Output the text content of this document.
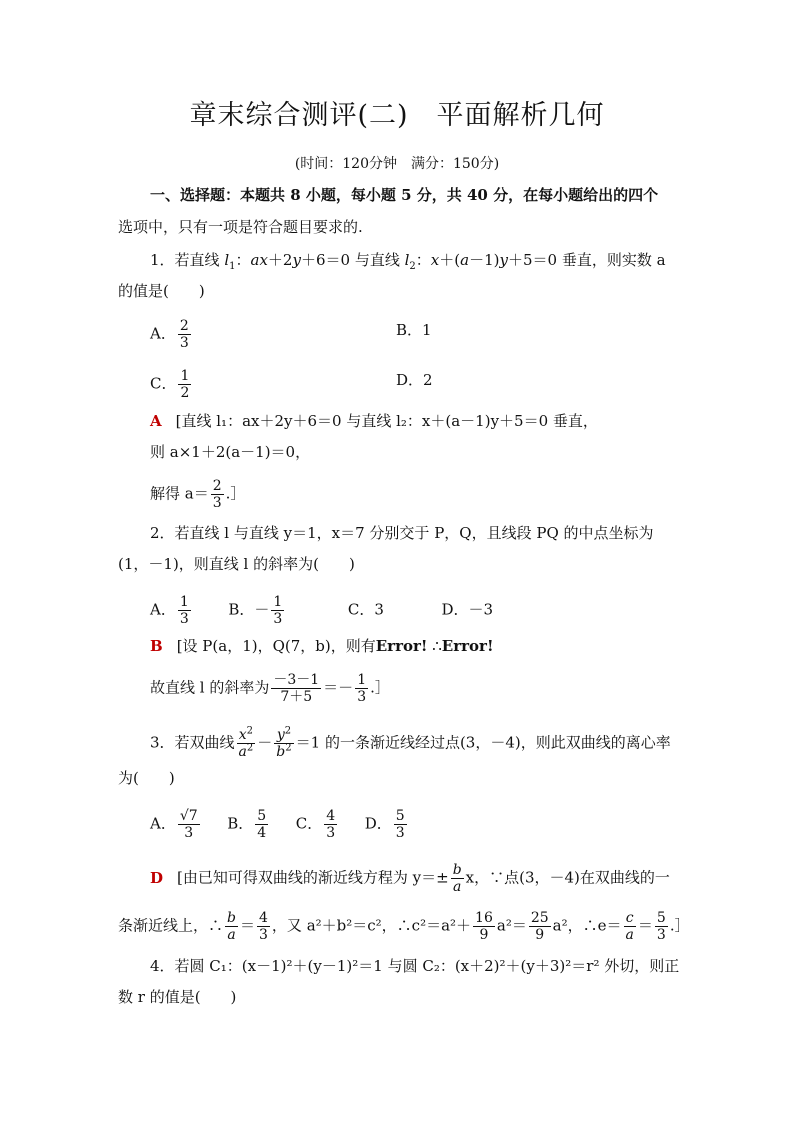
章末综合测评(二)　平面解析几何
(时间：120分钟　满分：150分)
一、选择题：本题共 8 小题，每小题 5 分，共 40 分，在每小题给出的四个
选项中，只有一项是符合题目要求的.
1．若直线 $l_1$：ax＋2y＋6＝0 与直线 $l_2$：x＋(a－1)y＋5＝0 垂直，则实数 a
的值是(　　)
A． $\frac{2}{3}$	B．1
C． $\frac{1}{2}$	D．2
A [直线 l₁：ax＋2y＋6＝0 与直线 l₂：x＋(a－1)y＋5＝0 垂直，
则 a×1＋2(a－1)＝0，
解得 $a= \frac{2}{3}$ .］
2．若直线 l 与直线 y＝1，x＝7 分别交于 P，Q，且线段 PQ 的中点坐标为
(1，－1)，则直线 l 的斜率为(　　)
A． $\frac{1}{3}$	B．－ $\frac{1}{3}$	C．3	D．－3
B [设 P(a，1)，Q(7，b)，则有Error! ∴Error!
故直线 l 的斜率为 $\frac{-3-1}{7+5} =- \frac{1}{3}$ .］
3．若双曲线 $\frac{x^2}{a^2} - \frac{y^2}{b^2} =1$ 的一条渐近线经过点(3，－4)，则此双曲线的离心率
为(　　)
A． $\frac{√7}{3}$ B． $\frac{5}{4}$ C． $\frac{4}{3}$ D． $\frac{5}{3}$
D [由已知可得双曲线的渐近线方程为 $y=\pm \frac{b}{a}$ x，∵点(3，－4)在双曲线的一
条渐近线上，∴ $\frac{b}{a} = \frac{4}{3}$ ，又 a²＋b²＝c²，∴c²＝a²＋ $\frac{16}{9} a^2= \frac{25}{9} a^2$，∴e＝ $\frac{c}{a} = \frac{5}{3}$ .］
4．若圆 C₁：(x－1)²＋(y－1)²＝1 与圆 C₂：(x＋2)²＋(y＋3)²＝r² 外切，则正
数 r 的值是(　　)
